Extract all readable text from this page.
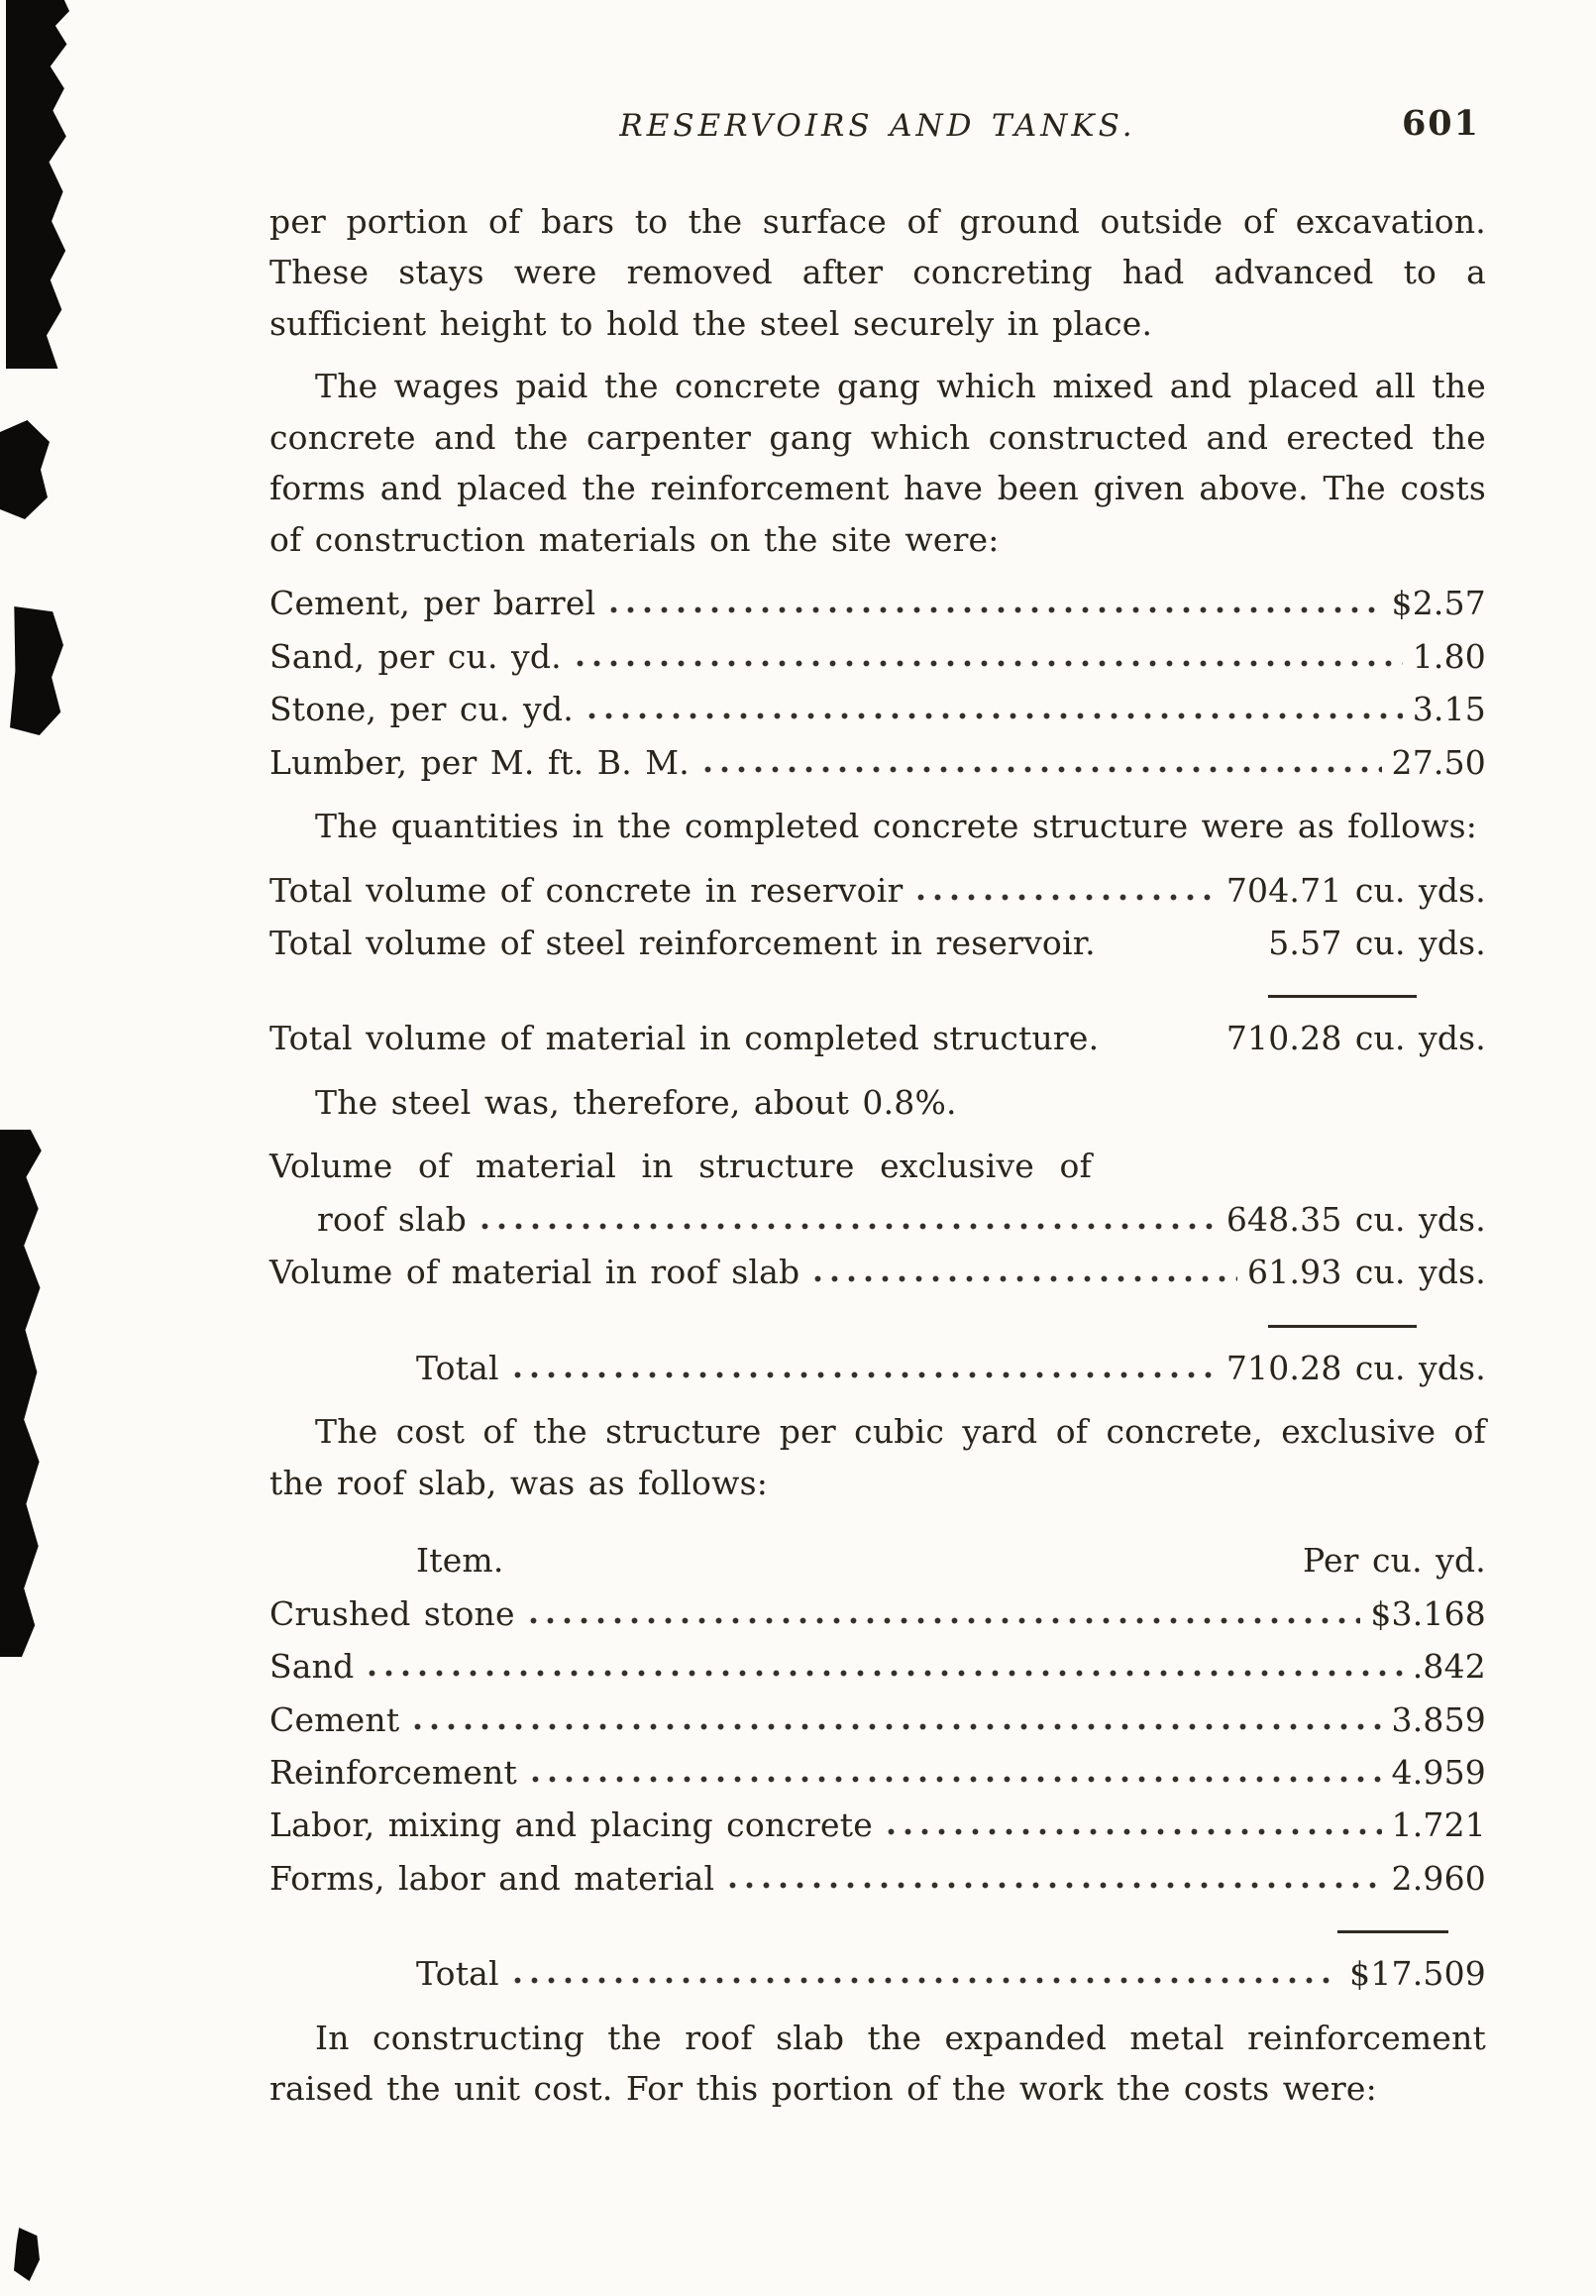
RESERVOIRS AND TANKS.	601

per portion of bars to the surface of ground outside of excavation. These stays were removed after concreting had advanced to a sufficient height to hold the steel securely in place.

The wages paid the concrete gang which mixed and placed all the concrete and the carpenter gang which constructed and erected the forms and placed the reinforcement have been given above. The costs of construction materials on the site were:

Cement, per barrel	$2.57
Sand, per cu. yd.	1.80
Stone, per cu. yd.	3.15
Lumber, per M. ft. B. M.	27.50

The quantities in the completed concrete structure were as follows:

Total volume of concrete in reservoir	704.71 cu. yds.
Total volume of steel reinforcement in reservoir.	5.57 cu. yds.
Total volume of material in completed structure.	710.28 cu. yds.

The steel was, therefore, about 0.8%.

Volume of material in structure exclusive of
roof slab	648.35 cu. yds.
Volume of material in roof slab	61.93 cu. yds.
Total	710.28 cu. yds.

The cost of the structure per cubic yard of concrete, exclusive of the roof slab, was as follows:

Item.	Per cu. yd.
Crushed stone	$3.168
Sand	.842
Cement	3.859
Reinforcement	4.959
Labor, mixing and placing concrete	1.721
Forms, labor and material	2.960
Total	$17.509

In constructing the roof slab the expanded metal reinforcement raised the unit cost. For this portion of the work the costs were:
